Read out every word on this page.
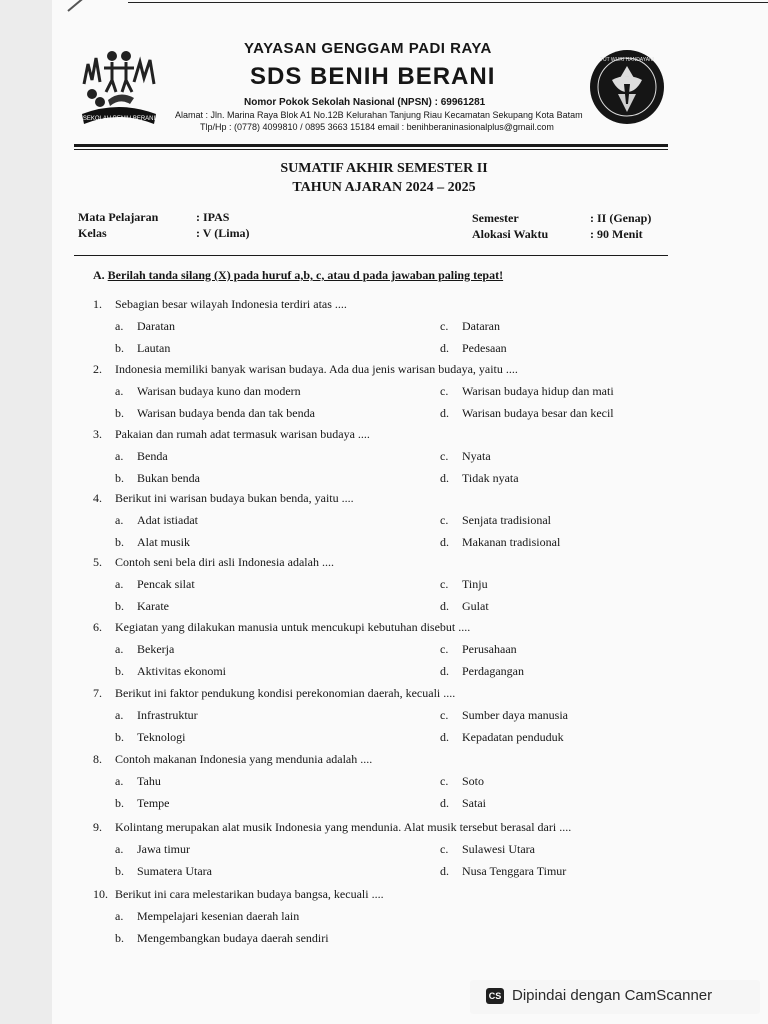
SEKOLAH BENIH BERANI
TUT WURI HANDAYANI
YAYASAN GENGGAM PADI RAYA
SDS BENIH BERANI
Nomor Pokok Sekolah Nasional (NPSN) : 69961281
Alamat : Jln. Marina Raya Blok A1 No.12B Kelurahan Tanjung Riau Kecamatan Sekupang Kota Batam
Tlp/Hp : (0778) 4099810 / 0895 3663 15184 email : benihberaninasionalplus@gmail.com
SUMATIF AKHIR SEMESTER II
TAHUN AJARAN 2024 – 2025
Mata Pelajaran	: IPAS
Kelas	: V (Lima)
Semester	: II (Genap)
Alokasi Waktu	: 90 Menit
A. Berilah tanda silang (X) pada huruf a,b, c, atau d pada jawaban paling tepat!
1. Sebagian besar wilayah Indonesia terdiri atas ....
a. Daratan
b. Lautan
c. Dataran
d. Pedesaan
2. Indonesia memiliki banyak warisan budaya. Ada dua jenis warisan budaya, yaitu ....
a. Warisan budaya kuno dan modern
b. Warisan budaya benda dan tak benda
c. Warisan budaya hidup dan mati
d. Warisan budaya besar dan kecil
3. Pakaian dan rumah adat termasuk warisan budaya ....
a. Benda
b. Bukan benda
c. Nyata
d. Tidak nyata
4. Berikut ini warisan budaya bukan benda, yaitu ....
a. Adat istiadat
b. Alat musik
c. Senjata tradisional
d. Makanan tradisional
5. Contoh seni bela diri asli Indonesia adalah ....
a. Pencak silat
b. Karate
c. Tinju
d. Gulat
6. Kegiatan yang dilakukan manusia untuk mencukupi kebutuhan disebut ....
a. Bekerja
b. Aktivitas ekonomi
c. Perusahaan
d. Perdagangan
7. Berikut ini faktor pendukung kondisi perekonomian daerah, kecuali ....
a. Infrastruktur
b. Teknologi
c. Sumber daya manusia
d. Kepadatan penduduk
8. Contoh makanan Indonesia yang mendunia adalah ....
a. Tahu
b. Tempe
c. Soto
d. Satai
9. Kolintang merupakan alat musik Indonesia yang mendunia. Alat musik tersebut berasal dari ....
a. Jawa timur
b. Sumatera Utara
c. Sulawesi Utara
d. Nusa Tenggara Timur
10. Berikut ini cara melestarikan budaya bangsa, kecuali ....
a. Mempelajari kesenian daerah lain
b. Mengembangkan budaya daerah sendiri
CS Dipindai dengan CamScanner
